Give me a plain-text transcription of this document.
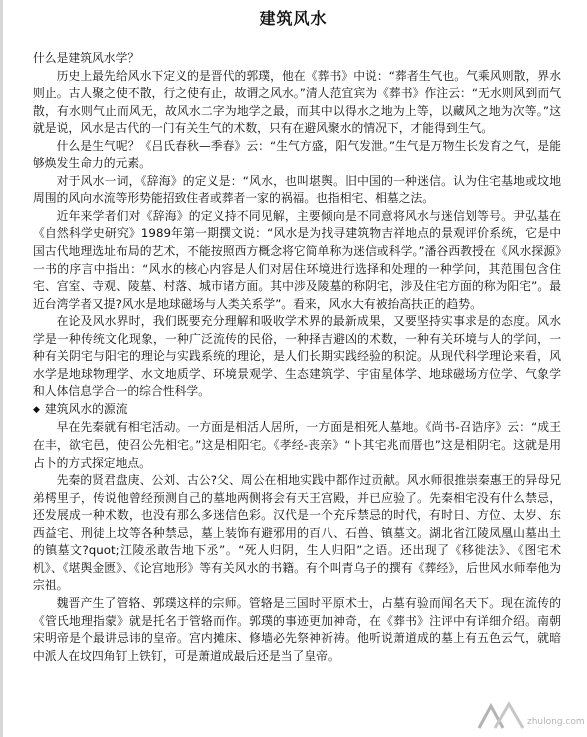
建筑风水

什么是建筑风水学？

历史上最先给风水下定义的是晋代的郭璞，他在《葬书》中说：“葬者生气也。气乘风则散，界水则止。古人聚之使不散，行之使有止，故谓之风水。”清人范宜宾为《葬书》作注云：“无水则风到而气散，有水则气止而风无，故风水二字为地学之最，而其中以得水之地为上等，以藏风之地为次等。”这就是说，风水是古代的一门有关生气的术数，只有在避风聚水的情况下，才能得到生气。

什么是生气呢？《吕氏春秋—季春》云：“生气方盛，阳气发泄。”生气是万物生长发育之气，是能够焕发生命力的元素。

对于风水一词，《辞海》的定义是：“风水，也叫堪舆。旧中国的一种迷信。认为住宅基地或坟地周围的风向水流等形势能招致住者或葬者一家的祸福。也指相宅、相墓之法。

近年来学者们对《辞海》的定义持不同见解，主要倾向是不同意将风水与迷信划等号。尹弘基在《自然科学史研究》1989年第一期撰文说：“风水是为找寻建筑物吉祥地点的景观评价系统，它是中国古代地理选址布局的艺术，不能按照西方概念将它简单称为迷信或科学。”潘谷西教授在《风水探源》一书的序言中指出：“风水的核心内容是人们对居住环境进行选择和处理的一种学问，其范围包含住宅、宫室、寺观、陵墓、村落、城市诸方面。其中涉及陵墓的称阴宅，涉及住宅方面的称为阳宅”。最近台湾学者又提?风水是地球磁场与人类关系学”。看来，风水大有被抬高扶正的趋势。

在论及风水界时，我们既要充分理解和吸收学术界的最新成果，又要坚持实事求是的态度。风水学是一种传统文化现象，一种广泛流传的民俗，一种择吉避凶的术数，一种有关环境与人的学问，一种有关阴宅与阳宅的理论与实践系统的理论，是人们长期实践经验的积淀。从现代科学理论来看，风水学是地球物理学、水文地质学、环境景观学、生态建筑学、宇宙星体学、地球磁场方位学、气象学和人体信息学合一的综合性科学。

◆ 建筑风水的源流

早在先秦就有相宅活动。一方面是相活人居所，一方面是相死人墓地。《尚书-召诰序》云：“成王在丰，欲宅邑，使召公先相宅。”这是相阳宅。《孝经-丧亲》“卜其宅兆而厝也”这是相阴宅。这就是用占卜的方式探定地点。

先秦的贤君盘庚、公刘、古公?父、周公在相地实践中都作过贡献。风水师很推崇秦惠王的异母兄弟樗里子，传说他曾经预测自己的墓地两侧将会有天王宫殿，并已应验了。先秦相宅没有什么禁忌，还发展成一种术数，也没有那么多迷信色彩。汉代是一个充斥禁忌的时代，有时日、方位、太岁、东西益宅、刑徒上坟等各种禁忌，墓上装饰有避邪用的百八、石兽、镇墓文。湖北省江陵凤凰山墓出土的镇墓文?quot;江陵丞敢告地下丞”。“死人归阴，生人归阳”之语。还出现了《移徙法》、《图宅术机》、《堪舆金匮》、《论宫地形》等有关风水的书籍。有个叫青乌子的撰有《葬经》，后世风水师奉他为宗祖。

魏晋产生了管辂、郭璞这样的宗师。管辂是三国时平原术士，占墓有验而闻名天下。现在流传的《管氏地理指蒙》就是托名于管辂而作。郭璞的事迹更加神奇，在《葬书》注评中有详细介绍。南朝宋明帝是个最讲忌讳的皇帝。宫内摊床、修墙必先祭神祈祷。他听说萧道成的墓上有五色云气，就暗中派人在坟四角钉上铁钉，可是萧道成最后还是当了皇帝。

zhulong.com
